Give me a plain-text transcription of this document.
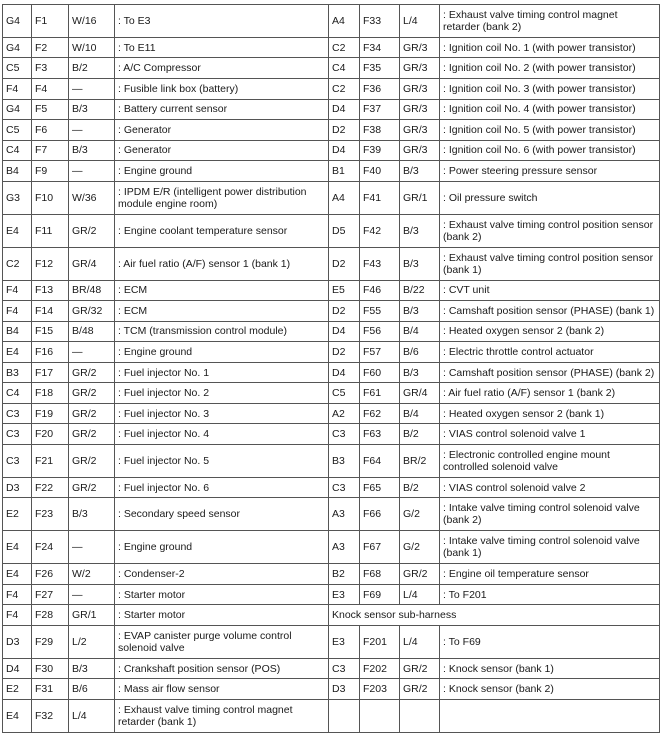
G4	F1	W/16	: To E3	A4	F33	L/4	: Exhaust valve timing control magnet retarder (bank 2)
G4	F2	W/10	: To E11	C2	F34	GR/3	: Ignition coil No. 1 (with power transistor)
C5	F3	B/2	: A/C Compressor	C4	F35	GR/3	: Ignition coil No. 2 (with power transistor)
F4	F4	—	: Fusible link box (battery)	C2	F36	GR/3	: Ignition coil No. 3 (with power transistor)
G4	F5	B/3	: Battery current sensor	D4	F37	GR/3	: Ignition coil No. 4 (with power transistor)
C5	F6	—	: Generator	D2	F38	GR/3	: Ignition coil No. 5 (with power transistor)
C4	F7	B/3	: Generator	D4	F39	GR/3	: Ignition coil No. 6 (with power transistor)
B4	F9	—	: Engine ground	B1	F40	B/3	: Power steering pressure sensor
G3	F10	W/36	: IPDM E/R (intelligent power distribution module engine room)	A4	F41	GR/1	: Oil pressure switch
E4	F11	GR/2	: Engine coolant temperature sensor	D5	F42	B/3	: Exhaust valve timing control position sensor (bank 2)
C2	F12	GR/4	: Air fuel ratio (A/F) sensor 1 (bank 1)	D2	F43	B/3	: Exhaust valve timing control position sensor (bank 1)
F4	F13	BR/48	: ECM	E5	F46	B/22	: CVT unit
F4	F14	GR/32	: ECM	D2	F55	B/3	: Camshaft position sensor (PHASE) (bank 1)
B4	F15	B/48	: TCM (transmission control module)	D4	F56	B/4	: Heated oxygen sensor 2 (bank 2)
E4	F16	—	: Engine ground	D2	F57	B/6	: Electric throttle control actuator
B3	F17	GR/2	: Fuel injector No. 1	D4	F60	B/3	: Camshaft position sensor (PHASE) (bank 2)
C4	F18	GR/2	: Fuel injector No. 2	C5	F61	GR/4	: Air fuel ratio (A/F) sensor 1 (bank 2)
C3	F19	GR/2	: Fuel injector No. 3	A2	F62	B/4	: Heated oxygen sensor 2 (bank 1)
C3	F20	GR/2	: Fuel injector No. 4	C3	F63	B/2	: VIAS control solenoid valve 1
C3	F21	GR/2	: Fuel injector No. 5	B3	F64	BR/2	: Electronic controlled engine mount controlled solenoid valve
D3	F22	GR/2	: Fuel injector No. 6	C3	F65	B/2	: VIAS control solenoid valve 2
E2	F23	B/3	: Secondary speed sensor	A3	F66	G/2	: Intake valve timing control solenoid valve (bank 2)
E4	F24	—	: Engine ground	A3	F67	G/2	: Intake valve timing control solenoid valve (bank 1)
E4	F26	W/2	: Condenser-2	B2	F68	GR/2	: Engine oil temperature sensor
F4	F27	—	: Starter motor	E3	F69	L/4	: To F201
F4	F28	GR/1	: Starter motor	Knock sensor sub-harness			
D3	F29	L/2	: EVAP canister purge volume control solenoid valve	E3	F201	L/4	: To F69
D4	F30	B/3	: Crankshaft position sensor (POS)	C3	F202	GR/2	: Knock sensor (bank 1)
E2	F31	B/6	: Mass air flow sensor	D3	F203	GR/2	: Knock sensor (bank 2)
E4	F32	L/4	: Exhaust valve timing control magnet retarder (bank 1)				
